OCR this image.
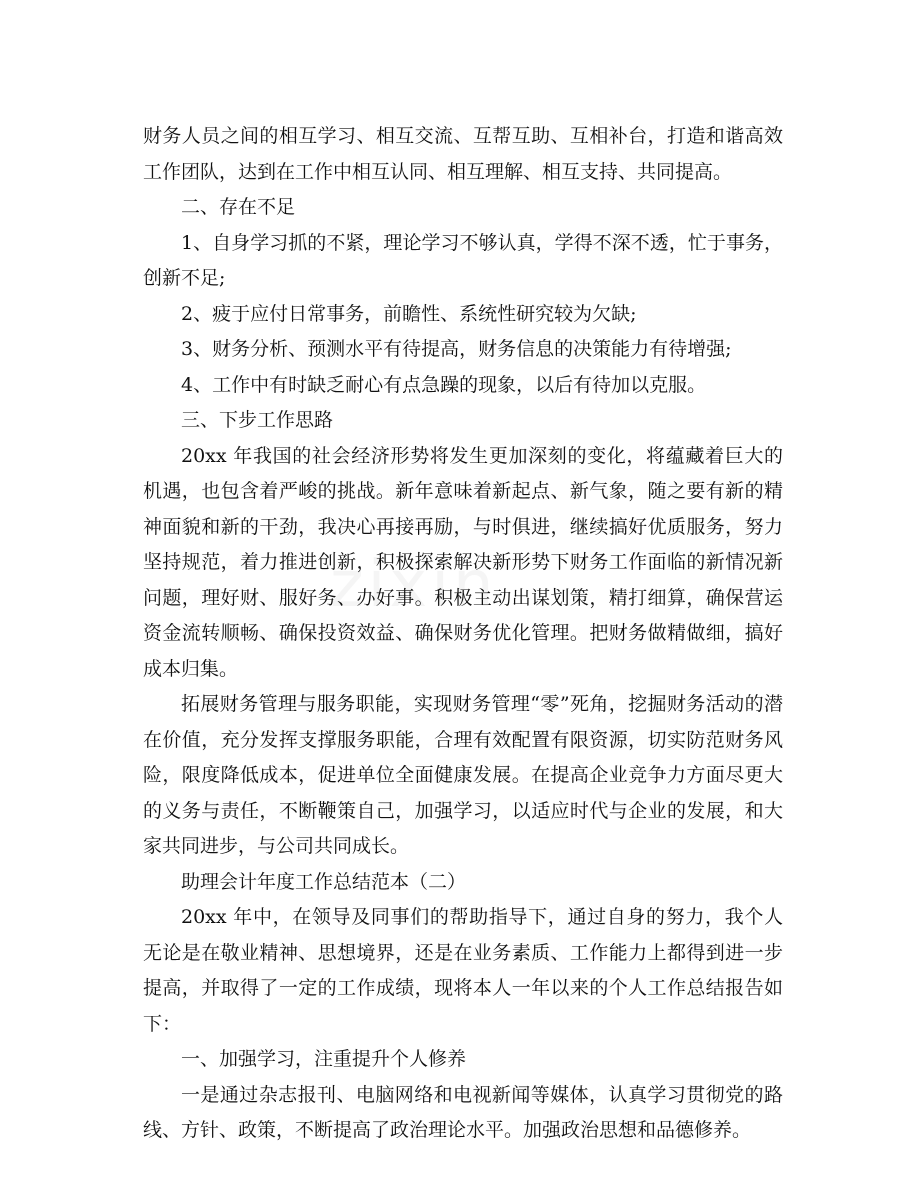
zixin

财务人员之间的相互学习、相互交流、互帮互助、互相补台，打造和谐高效工作团队，达到在工作中相互认同、相互理解、相互支持、共同提高。

二、存在不足

1、自身学习抓的不紧，理论学习不够认真，学得不深不透，忙于事务，创新不足;

2、疲于应付日常事务，前瞻性、系统性研究较为欠缺;

3、财务分析、预测水平有待提高，财务信息的决策能力有待增强;

4、工作中有时缺乏耐心有点急躁的现象，以后有待加以克服。

三、下步工作思路

20xx 年我国的社会经济形势将发生更加深刻的变化，将蕴藏着巨大的机遇，也包含着严峻的挑战。新年意味着新起点、新气象，随之要有新的精神面貌和新的干劲，我决心再接再励，与时俱进，继续搞好优质服务，努力坚持规范，着力推进创新，积极探索解决新形势下财务工作面临的新情况新问题，理好财、服好务、办好事。积极主动出谋划策，精打细算，确保营运资金流转顺畅、确保投资效益、确保财务优化管理。把财务做精做细，搞好成本归集。

拓展财务管理与服务职能，实现财务管理“零”死角，挖掘财务活动的潜在价值，充分发挥支撑服务职能，合理有效配置有限资源，切实防范财务风险，限度降低成本，促进单位全面健康发展。在提高企业竞争力方面尽更大的义务与责任，不断鞭策自己，加强学习，以适应时代与企业的发展，和大家共同进步，与公司共同成长。

助理会计年度工作总结范本（二）

20xx 年中，在领导及同事们的帮助指导下，通过自身的努力，我个人无论是在敬业精神、思想境界，还是在业务素质、工作能力上都得到进一步提高，并取得了一定的工作成绩，现将本人一年以来的个人工作总结报告如下：

一、加强学习，注重提升个人修养

一是通过杂志报刊、电脑网络和电视新闻等媒体，认真学习贯彻党的路线、方针、政策，不断提高了政治理论水平。加强政治思想和品德修养。
